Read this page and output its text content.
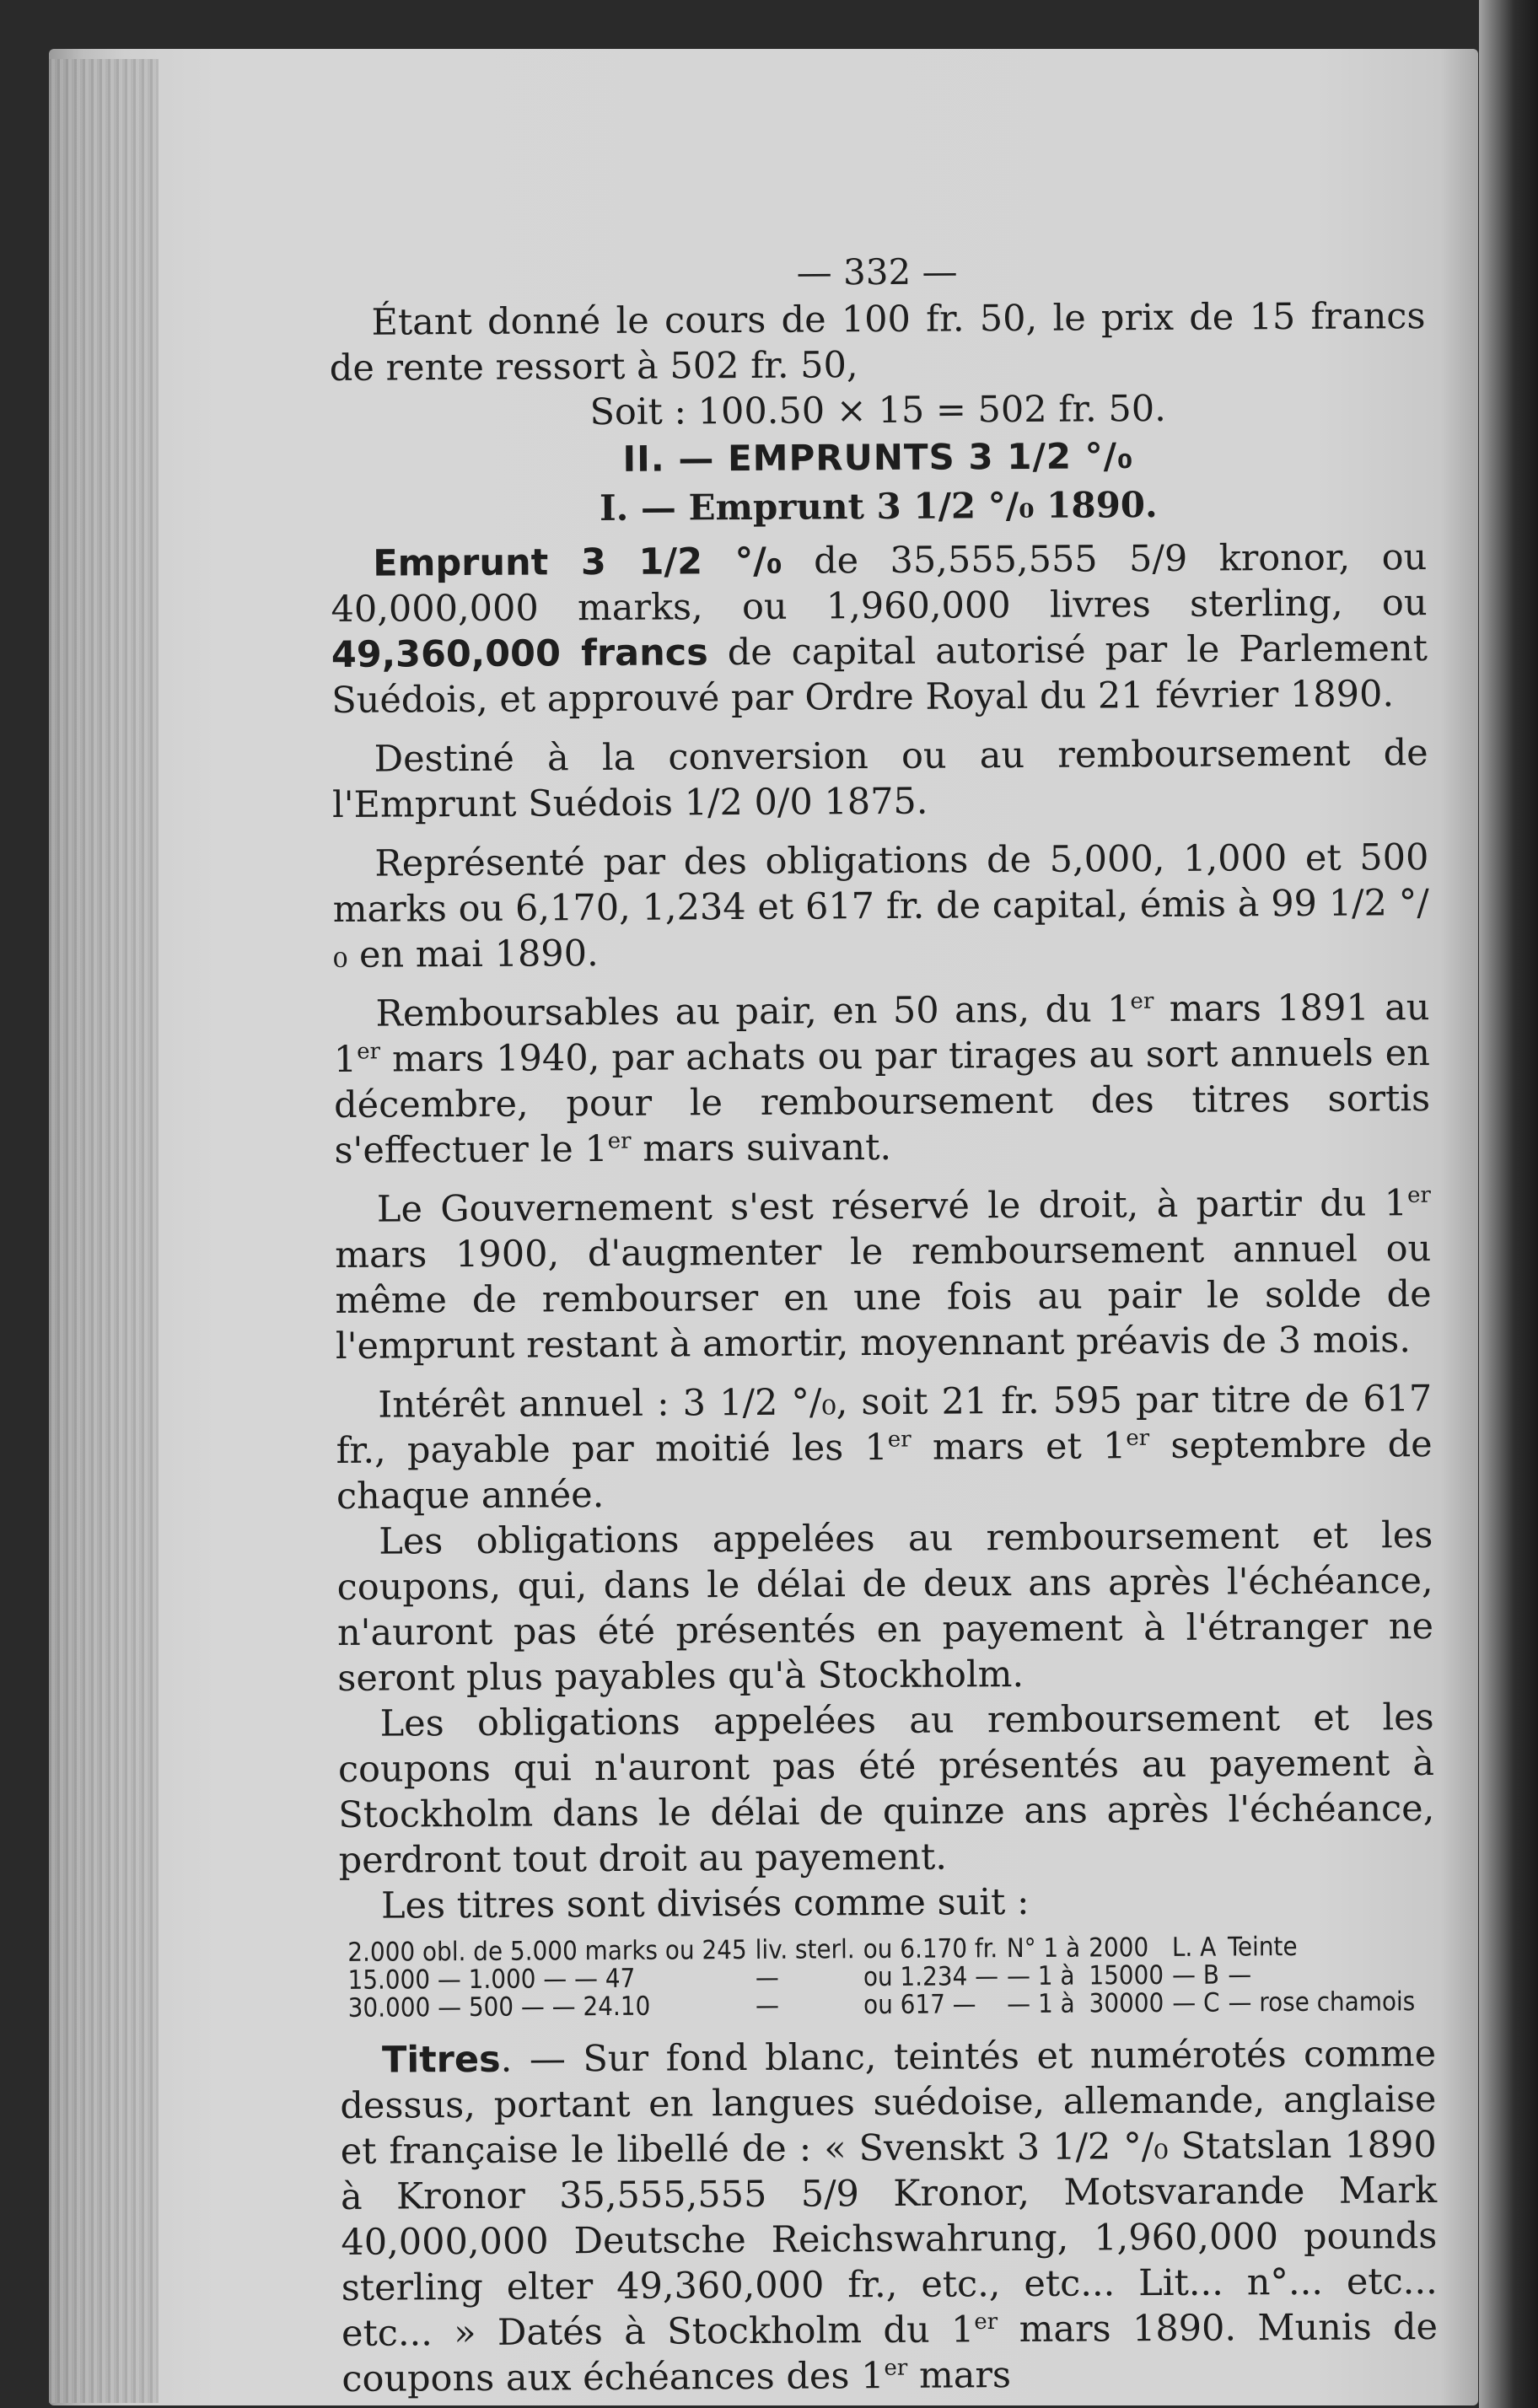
— 332 —

Étant donné le cours de 100 fr. 50, le prix de 15 francs de rente ressort à 502 fr. 50,

Soit : 100.50 × 15 = 502 fr. 50.

II. — EMPRUNTS 3 1/2 °/₀
I. — Emprunt 3 1/2 °/₀ 1890.

Emprunt 3 1/2 °/₀ de 35,555,555 5/9 kronor, ou 40,000,000 marks, ou 1,960,000 livres sterling, ou 49,360,000 francs de capital autorisé par le Parlement Suédois, et approuvé par Ordre Royal du 21 février 1890.

Destiné à la conversion ou au remboursement de l'Emprunt Suédois 1/2 0/0 1875.

Représenté par des obligations de 5,000, 1,000 et 500 marks ou 6,170, 1,234 et 617 fr. de capital, émis à 99 1/2 °/₀ en mai 1890.

Remboursables au pair, en 50 ans, du 1er mars 1891 au 1er mars 1940, par achats ou par tirages au sort annuels en décembre, pour le remboursement des titres sortis s'effectuer le 1er mars suivant.

Le Gouvernement s'est réservé le droit, à partir du 1er mars 1900, d'augmenter le remboursement annuel ou même de rembourser en une fois au pair le solde de l'emprunt restant à amortir, moyennant préavis de 3 mois.

Intérêt annuel : 3 1/2 °/₀, soit 21 fr. 595 par titre de 617 fr., payable par moitié les 1er mars et 1er septembre de chaque année.

Les obligations appelées au remboursement et les coupons, qui, dans le délai de deux ans après l'échéance, n'auront pas été présentés en payement à l'étranger ne seront plus payables qu'à Stockholm.

Les obligations appelées au remboursement et les coupons qui n'auront pas été présentés au payement à Stockholm dans le délai de quinze ans après l'échéance, perdront tout droit au payement.

Les titres sont divisés comme suit :

2.000 obl. de 5.000 marks ou 245	liv. sterl.	ou 6.170 fr.	N° 1 à	2000	L. A	Teinte
15.000 — 1.000 — — 47	—	ou 1.234 —	— 1 à	15000	— B	—
30.000 — 500 — — 24.10	—	ou 617 —	— 1 à	30000	— C	— rose chamois

Titres. — Sur fond blanc, teintés et numérotés comme dessus, portant en langues suédoise, allemande, anglaise et française le libellé de : « Svenskt 3 1/2 °/₀ Statslan 1890 à Kronor 35,555,555 5/9 Kronor, Motsvarande Mark 40,000,000 Deutsche Reichswahrung, 1,960,000 pounds sterling elter 49,360,000 fr., etc., etc... Lit... n°... etc... etc... » Datés à Stockholm du 1er mars 1890. Munis de coupons aux échéances des 1er mars
